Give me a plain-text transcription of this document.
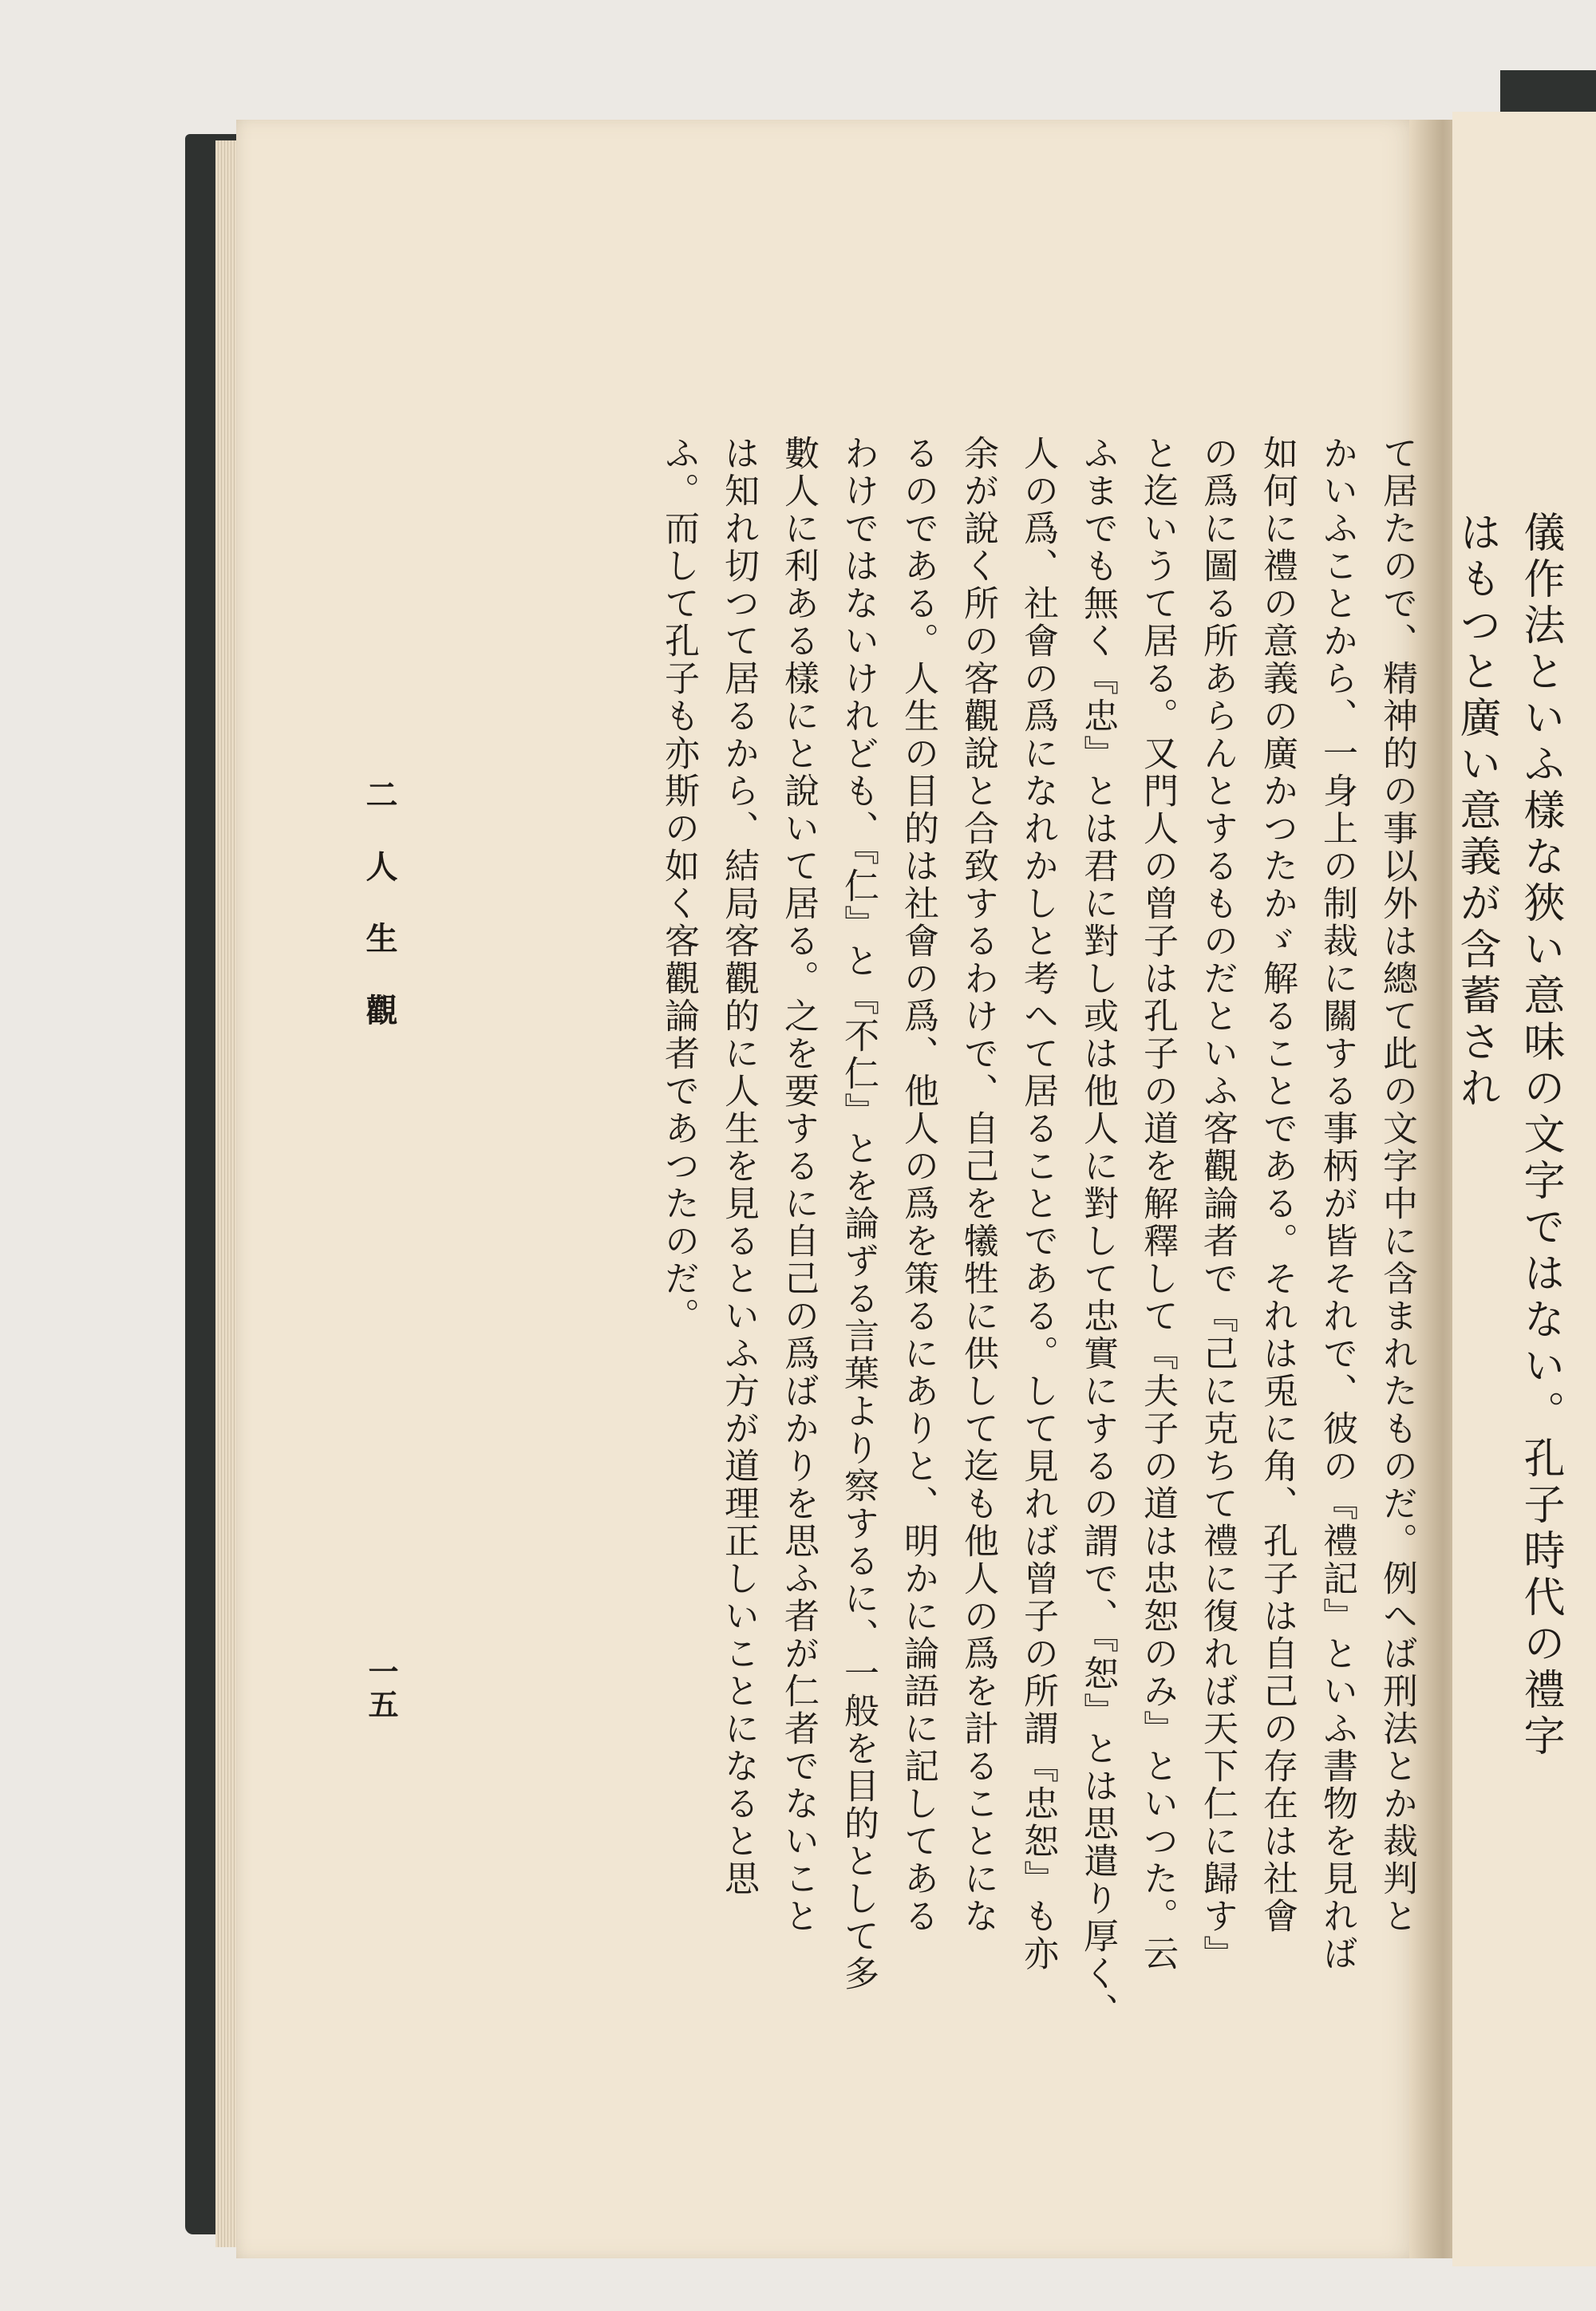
儀作法といふ樣な狹い意味の文字ではない。孔子時代の禮字はもつと廣い意義が含蓄され
て居たので、精神的の事以外は總て此の文字中に含まれたものだ。例へば刑法とか裁判と
かいふことから、一身上の制裁に關する事柄が皆それで、彼の『禮記』といふ書物を見れば
如何に禮の意義の廣かつたかゞ解ることである。それは兎に角、孔子は自己の存在は社會
の爲に圖る所あらんとするものだといふ客觀論者で『己に克ちて禮に復れば天下仁に歸す』
と迄いうて居る。又門人の曾子は孔子の道を解釋して『夫子の道は忠恕のみ』といつた。云
ふまでも無く『忠』とは君に對し或は他人に對して忠實にするの謂で、『恕』とは思遣り厚く、
人の爲、社會の爲になれかしと考へて居ることである。して見れば曾子の所謂『忠恕』も亦
余が說く所の客觀說と合致するわけで、自己を犧牲に供して迄も他人の爲を計ることにな
るのである。人生の目的は社會の爲、他人の爲を策るにありと、明かに論語に記してある
わけではないけれども、『仁』と『不仁』とを論ずる言葉より察するに、一般を目的として多
數人に利ある樣にと說いて居る。之を要するに自己の爲ばかりを思ふ者が仁者でないこと
は知れ切つて居るから、結局客觀的に人生を見るといふ方が道理正しいことになると思
ふ。而して孔子も亦斯の如く客觀論者であつたのだ。
二 人 生 觀
一五
